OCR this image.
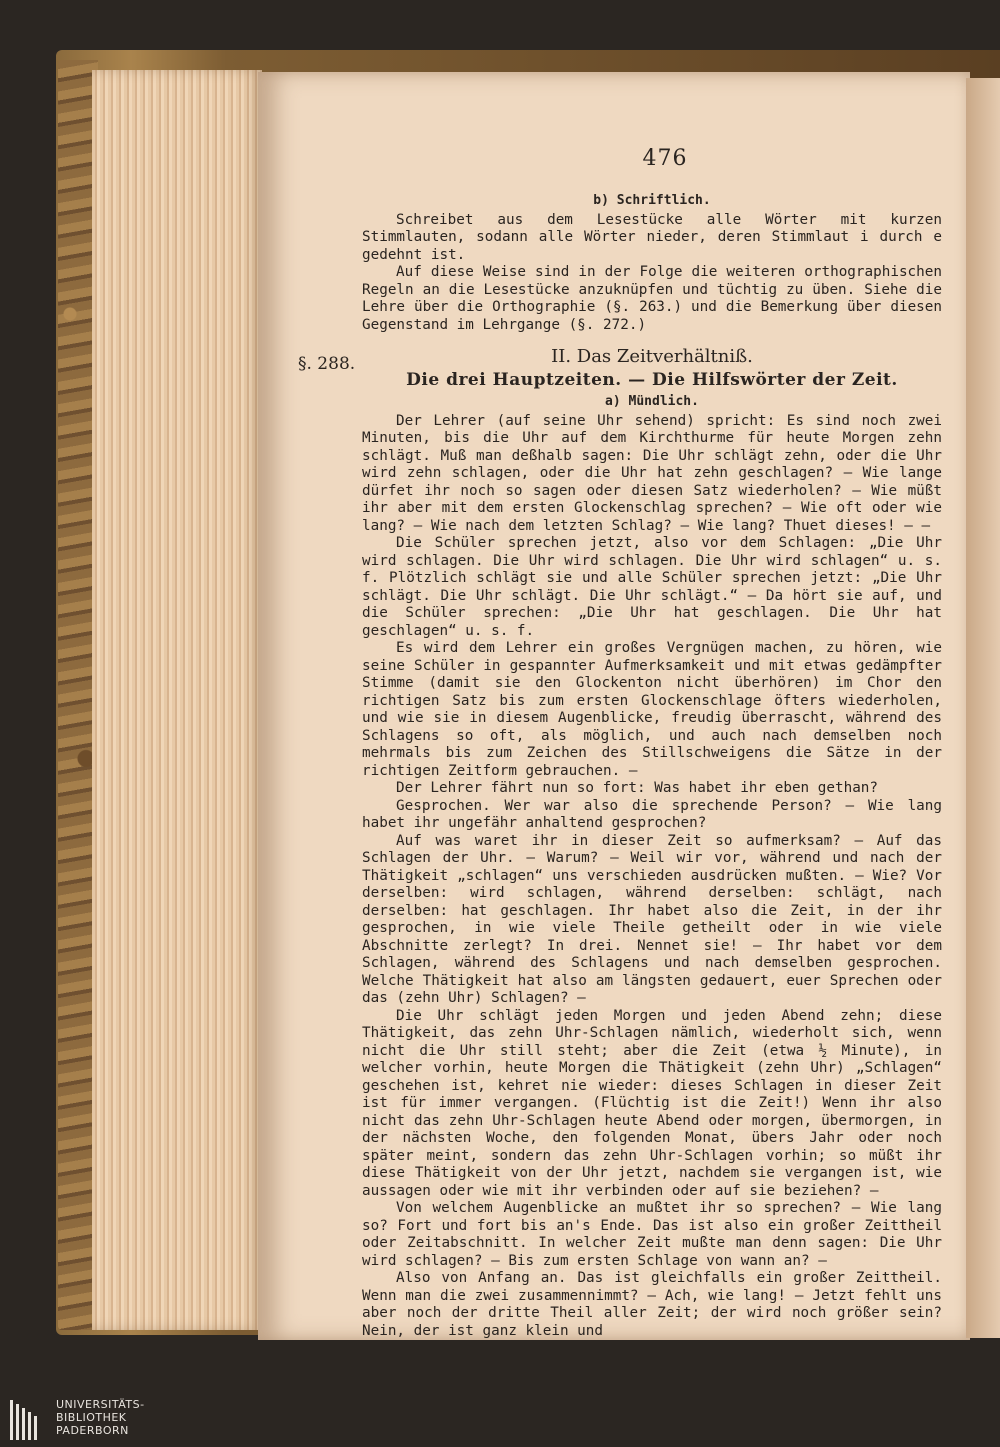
476
§. 288.
b) Schriftlich.

Schreibet aus dem Lesestücke alle Wörter mit kurzen Stimmlauten, sodann alle Wörter nieder, deren Stimmlaut i durch e gedehnt ist.

Auf diese Weise sind in der Folge die weiteren orthographischen Regeln an die Lesestücke anzuknüpfen und tüchtig zu üben. Siehe die Lehre über die Orthographie (§. 263.) und die Bemerkung über diesen Gegenstand im Lehrgange (§. 272.)

II. Das Zeitverhältniß.
Die drei Hauptzeiten. — Die Hilfswörter der Zeit.
a) Mündlich.

Der Lehrer (auf seine Uhr sehend) spricht: Es sind noch zwei Minuten, bis die Uhr auf dem Kirchthurme für heute Morgen zehn schlägt. Muß man deßhalb sagen: Die Uhr schlägt zehn, oder die Uhr wird zehn schlagen, oder die Uhr hat zehn geschlagen? — Wie lange dürfet ihr noch so sagen oder diesen Satz wiederholen? — Wie müßt ihr aber mit dem ersten Glockenschlag sprechen? — Wie oft oder wie lang? — Wie nach dem letzten Schlag? — Wie lang? Thuet dieses! — —

Die Schüler sprechen jetzt, also vor dem Schlagen: „Die Uhr wird schlagen. Die Uhr wird schlagen. Die Uhr wird schlagen“ u. s. f. Plötzlich schlägt sie und alle Schüler sprechen jetzt: „Die Uhr schlägt. Die Uhr schlägt. Die Uhr schlägt.“ — Da hört sie auf, und die Schüler sprechen: „Die Uhr hat geschlagen. Die Uhr hat geschlagen“ u. s. f.

Es wird dem Lehrer ein großes Vergnügen machen, zu hören, wie seine Schüler in gespannter Aufmerksamkeit und mit etwas gedämpfter Stimme (damit sie den Glockenton nicht überhören) im Chor den richtigen Satz bis zum ersten Glockenschlage öfters wiederholen, und wie sie in diesem Augenblicke, freudig überrascht, während des Schlagens so oft, als möglich, und auch nach demselben noch mehrmals bis zum Zeichen des Stillschweigens die Sätze in der richtigen Zeitform gebrauchen. —

Der Lehrer fährt nun so fort: Was habet ihr eben gethan?

Gesprochen. Wer war also die sprechende Person? — Wie lang habet ihr ungefähr anhaltend gesprochen?

Auf was waret ihr in dieser Zeit so aufmerksam? — Auf das Schlagen der Uhr. — Warum? — Weil wir vor, während und nach der Thätigkeit „schlagen“ uns verschieden ausdrücken mußten. — Wie? Vor derselben: wird schlagen, während derselben: schlägt, nach derselben: hat geschlagen. Ihr habet also die Zeit, in der ihr gesprochen, in wie viele Theile getheilt oder in wie viele Abschnitte zerlegt? In drei. Nennet sie! — Ihr habet vor dem Schlagen, während des Schlagens und nach demselben gesprochen. Welche Thätigkeit hat also am längsten gedauert, euer Sprechen oder das (zehn Uhr) Schlagen? —

Die Uhr schlägt jeden Morgen und jeden Abend zehn; diese Thätigkeit, das zehn Uhr-Schlagen nämlich, wiederholt sich, wenn nicht die Uhr still steht; aber die Zeit (etwa ½ Minute), in welcher vorhin, heute Morgen die Thätigkeit (zehn Uhr) „Schlagen“ geschehen ist, kehret nie wieder: dieses Schlagen in dieser Zeit ist für immer vergangen. (Flüchtig ist die Zeit!) Wenn ihr also nicht das zehn Uhr-Schlagen heute Abend oder morgen, übermorgen, in der nächsten Woche, den folgenden Monat, übers Jahr oder noch später meint, sondern das zehn Uhr-Schlagen vorhin; so müßt ihr diese Thätigkeit von der Uhr jetzt, nachdem sie vergangen ist, wie aussagen oder wie mit ihr verbinden oder auf sie beziehen? —

Von welchem Augenblicke an mußtet ihr so sprechen? — Wie lang so? Fort und fort bis an's Ende. Das ist also ein großer Zeittheil oder Zeitabschnitt. In welcher Zeit mußte man denn sagen: Die Uhr wird schlagen? — Bis zum ersten Schlage von wann an? —

Also von Anfang an. Das ist gleichfalls ein großer Zeittheil. Wenn man die zwei zusammennimmt? — Ach, wie lang! — Jetzt fehlt uns aber noch der dritte Theil aller Zeit; der wird noch größer sein? Nein, der ist ganz klein und

UNIVERSITÄTS-
BIBLIOTHEK
PADERBORN
